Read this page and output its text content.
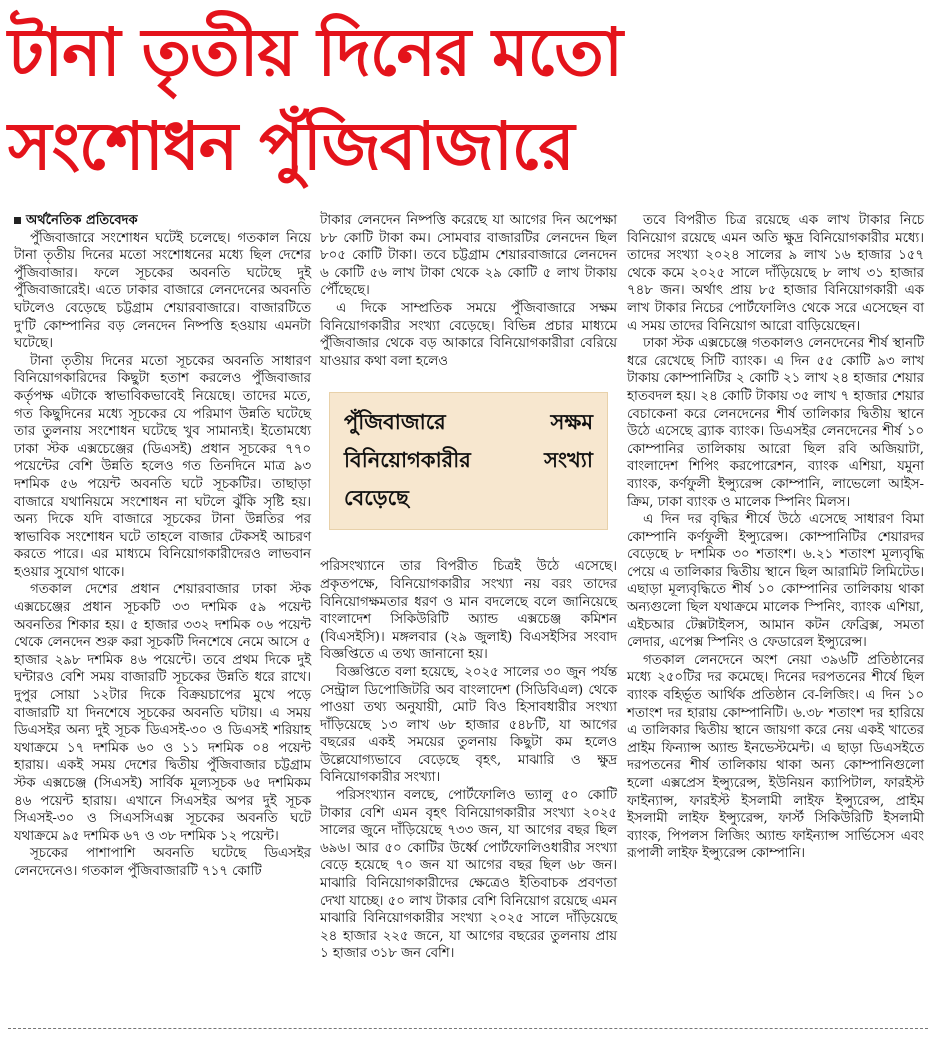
টানা তৃতীয় দিনের মতো
সংশোধন পুঁজিবাজারে
অর্থনৈতিক প্রতিবেদক

পুঁজিবাজারে সংশোধন ঘটেই চলেছে। গতকাল নিয়ে টানা তৃতীয় দিনের মতো সংশোধনের মধ্যে ছিল দেশের পুঁজিবাজার। ফলে সূচকের অবনতি ঘটেছে দুই পুঁজিবাজারেই। এতে ঢাকার বাজারে লেনদেনের অবনতি ঘটলেও বেড়েছে চট্টগ্রাম শেয়ারবাজারে। বাজারটিতে দু'টি কোম্পানির বড় লেনদেন নিষ্পত্তি হওয়ায় এমনটা ঘটেছে।

টানা তৃতীয় দিনের মতো সূচকের অবনতি সাধারণ বিনিয়োগকারিদের কিছুটা হতাশ করলেও পুঁজিবাজার কর্তৃপক্ষ এটাকে স্বাভাবিকভাবেই নিয়েছে। তাদের মতে, গত কিছুদিনের মধ্যে সূচকের যে পরিমাণ উন্নতি ঘটেছে তার তুলনায় সংশোধন ঘটেছে খুব সামান্যই। ইতোমধ্যে ঢাকা স্টক এক্সচেঞ্জের (ডিএসই) প্রধান সূচকের ৭৭০ পয়েন্টের বেশি উন্নতি হলেও গত তিনদিনে মাত্র ৯৩ দশমিক ৫৬ পয়েন্ট অবনতি ঘটে সূচকটির। তাছাড়া বাজারে যথানিয়মে সংশোধন না ঘটলে ঝুঁকি সৃষ্টি হয়। অন্য দিকে যদি বাজারে সূচকের টানা উন্নতির পর স্বাভাবিক সংশোধন ঘটে তাহলে বাজার টেকসই আচরণ করতে পারে। এর মাধ্যমে বিনিয়োগকারীদেরও লাভবান হওয়ার সুযোগ থাকে।

গতকাল দেশের প্রধান শেয়ারবাজার ঢাকা স্টক এক্সচেঞ্জের প্রধান সূচকটি ৩৩ দশমিক ৫৯ পয়েন্ট অবনতির শিকার হয়। ৫ হাজার ৩৩২ দশমিক ০৬ পয়েন্ট থেকে লেনদেন শুরু করা সূচকটি দিনশেষে নেমে আসে ৫ হাজার ২৯৮ দশমিক ৪৬ পয়েন্টে। তবে প্রথম দিকে দুই ঘন্টারও বেশি সময় বাজারটি সূচকের উন্নতি ধরে রাখে। দুপুর সোয়া ১২টার দিকে বিক্রয়চাপের মুখে পড়ে বাজারটি যা দিনশেষে সূচকের অবনতি ঘটায়। এ সময় ডিএসইর অন্য দুই সূচক ডিএসই-৩০ ও ডিএসই শরিয়াহ যথাক্রমে ১৭ দশমিক ৬০ ও ১১ দশমিক ০৪ পয়েন্ট হারায়। একই সময় দেশের দ্বিতীয় পুঁজিবাজার চট্টগ্রাম স্টক এক্সচেঞ্জ (সিএসই) সার্বিক মূল্যসূচক ৬৫ দশমিকম ৪৬ পয়েন্ট হারায়। এখানে সিএসইর অপর দুই সূচক সিএসই-৩০ ও সিএসসিএক্স সূচকের অবনতি ঘটে যথাক্রমে ৯৫ দশমিক ৬৭ ও ৩৮ দশমিক ১২ পয়েন্ট।

সূচকের পাশাপাশি অবনতি ঘটেছে ডিএসইর লেনদেনেও। গতকাল পুঁজিবাজারটি ৭১৭ কোটি

টাকার লেনদেন নিষ্পত্তি করেছে যা আগের দিন অপেক্ষা ৮৮ কোটি টাকা কম। সোমবার বাজারটির লেনদেন ছিল ৮০৫ কোটি টাকা। তবে চট্টগ্রাম শেয়ারবাজারে লেনদেন ৬ কোটি ৫৬ লাখ টাকা থেকে ২৯ কোটি ৫ লাখ টাকায় পৌঁছেছে।

এ দিকে সাম্প্রতিক সময়ে পুঁজিবাজারে সক্ষম বিনিয়োগকারীর সংখ্যা বেড়েছে। বিভিন্ন প্রচার মাধ্যমে পুঁজিবাজার থেকে বড় আকারে বিনিয়োগকারীরা বেরিয়ে যাওয়ার কথা বলা হলেও

পুঁজিবাজারে সক্ষম বিনিয়োগকারীর সংখ্যা বেড়েছে

পরিসংখ্যানে তার বিপরীত চিত্রই উঠে এসেছে। প্রকৃতপক্ষে, বিনিয়োগকারীর সংখ্যা নয় বরং তাদের বিনিয়োগক্ষমতার ধরণ ও মান বদলেছে বলে জানিয়েছে বাংলাদেশ সিকিউরিটি অ্যান্ড এক্সচেঞ্জ কমিশন (বিএসইসি)। মঙ্গলবার (২৯ জুলাই) বিএসইসির সংবাদ বিজ্ঞপ্তিতে এ তথ্য জানানো হয়।

বিজ্ঞপ্তিতে বলা হয়েছে, ২০২৫ সালের ৩০ জুন পর্যন্ত সেন্ট্রাল ডিপোজিটরি অব বাংলাদেশ (সিডিবিএল) থেকে পাওয়া তথ্য অনুযায়ী, মোট বিও হিসাবধারীর সংখ্যা দাঁড়িয়েছে ১৩ লাখ ৬৮ হাজার ৫৪৮টি, যা আগের বছরের একই সময়ের তুলনায় কিছুটা কম হলেও উল্লেযোগ্যভাবে বেড়েছে বৃহৎ, মাঝারি ও ক্ষুদ্র বিনিয়োগকারীর সংখ্যা।

পরিসংখ্যান বলছে, পোর্টফোলিও ভ্যালু ৫০ কোটি টাকার বেশি এমন বৃহৎ বিনিয়োগকারীর সংখ্যা ২০২৫ সালের জুনে দাঁড়িয়েছে ৭৩৩ জন, যা আগের বছর ছিল ৬৯৬। আর ৫০ কোটির উর্ধ্বে পোর্টফোলিওধারীর সংখ্যা বেড়ে হয়েছে ৭০ জন যা আগের বছর ছিল ৬৮ জন। মাঝারি বিনিয়োগকারীদের ক্ষেত্রেও ইতিবাচক প্রবণতা দেখা যাচ্ছে। ৫০ লাখ টাকার বেশি বিনিয়োগ রয়েছে এমন মাঝারি বিনিয়োগকারীর সংখ্যা ২০২৫ সালে দাঁড়িয়েছে ২৪ হাজার ২২৫ জনে, যা আগের বছরের তুলনায় প্রায় ১ হাজার ৩১৮ জন বেশি।

তবে বিপরীত চিত্র রয়েছে এক লাখ টাকার নিচে বিনিয়োগ রয়েছে এমন অতি ক্ষুদ্র বিনিয়োগকারীর মধ্যে। তাদের সংখ্যা ২০২৪ সালের ৯ লাখ ১৬ হাজার ১৫৭ থেকে কমে ২০২৫ সালে দাঁড়িয়েছে ৮ লাখ ৩১ হাজার ৭৪৮ জন। অর্থাৎ প্রায় ৮৫ হাজার বিনিয়োগকারী এক লাখ টাকার নিচের পোর্টফোলিও থেকে সরে এসেছেন বা এ সময় তাদের বিনিয়োগ আরো বাড়িয়েছেন।

ঢাকা স্টক এক্সচেঞ্জে গতকালও লেনদেনের শীর্ষ স্থানটি ধরে রেখেছে সিটি ব্যাংক। এ দিন ৫৫ কোটি ৯৩ লাখ টাকায় কোম্পানিটির ২ কোটি ২১ লাখ ২৪ হাজার শেয়ার হাতবদল হয়। ২৪ কোটি টাকায় ৩৫ লাখ ৭ হাজার শেয়ার বেচাকেনা করে লেনদেনের শীর্ষ তালিকার দ্বিতীয় স্থানে উঠে এসেছে ব্র্যাক ব্যাংক। ডিএসইর লেনদেনের শীর্ষ ১০ কোম্পানির তালিকায় আরো ছিল রবি অজিয়াটা, বাংলাদেশ শিপিং করপোরেশন, ব্যাংক এশিয়া, যমুনা ব্যাংক, কর্ণফুলী ইন্স্যুরেন্স কোম্পানি, লাভেলো আইস-ক্রিম, ঢাকা ব্যাংক ও মালেক স্পিনিং মিলস।

এ দিন দর বৃদ্ধির শীর্ষে উঠে এসেছে সাধারণ বিমা কোম্পানি কর্ণফুলী ইন্স্যুরেন্স। কোম্পানিটির শেয়ারদর বেড়েছে ৮ দশমিক ৩০ শতাংশ। ৬.২১ শতাংশ মূল্যবৃদ্ধি পেয়ে এ তালিকার দ্বিতীয় স্থানে ছিল আরামিট লিমিটেড। এছাড়া মূল্যবৃদ্ধিতে শীর্ষ ১০ কোম্পানির তালিকায় থাকা অন্যগুলো ছিল যথাক্রমে মালেক স্পিনিং, ব্যাংক এশিয়া, এইচআর টেক্সটাইলস, আমান কটন ফেব্রিক্স, সমতা লেদার, এপেক্স স্পিনিং ও ফেডারেল ইন্স্যুরেন্স।

গতকাল লেনদেনে অংশ নেয়া ৩৯৬টি প্রতিষ্ঠানের মধ্যে ২৫০টির দর কমেছে। দিনের দরপতনের শীর্ষে ছিল ব্যাংক বহির্ভূত আর্থিক প্রতিষ্ঠান বে-লিজিং। এ দিন ১০ শতাংশ দর হারায় কোম্পানিটি। ৬.৩৮ শতাংশ দর হারিয়ে এ তালিকার দ্বিতীয় স্থানে জায়গা করে নেয় একই খাতের প্রাইম ফিন্যান্স অ্যান্ড ইনভেস্টমেন্ট। এ ছাড়া ডিএসইতে দরপতনের শীর্ষ তালিকায় থাকা অন্য কোম্পানিগুলো হলো এক্সপ্রেস ইন্স্যুরেন্স, ইউনিয়ন ক্যাপিটাল, ফারইস্ট ফাইন্যান্স, ফারইস্ট ইসলামী লাইফ ইন্স্যুরেন্স, প্রাইম ইসলামী লাইফ ইন্স্যুরেন্স, ফার্স্ট সিকিউরিটি ইসলামী ব্যাংক, পিপলস লিজিং অ্যান্ড ফাইন্যান্স সার্ভিসেস এবং রূপালী লাইফ ইন্স্যুরেন্স কোম্পানি।
